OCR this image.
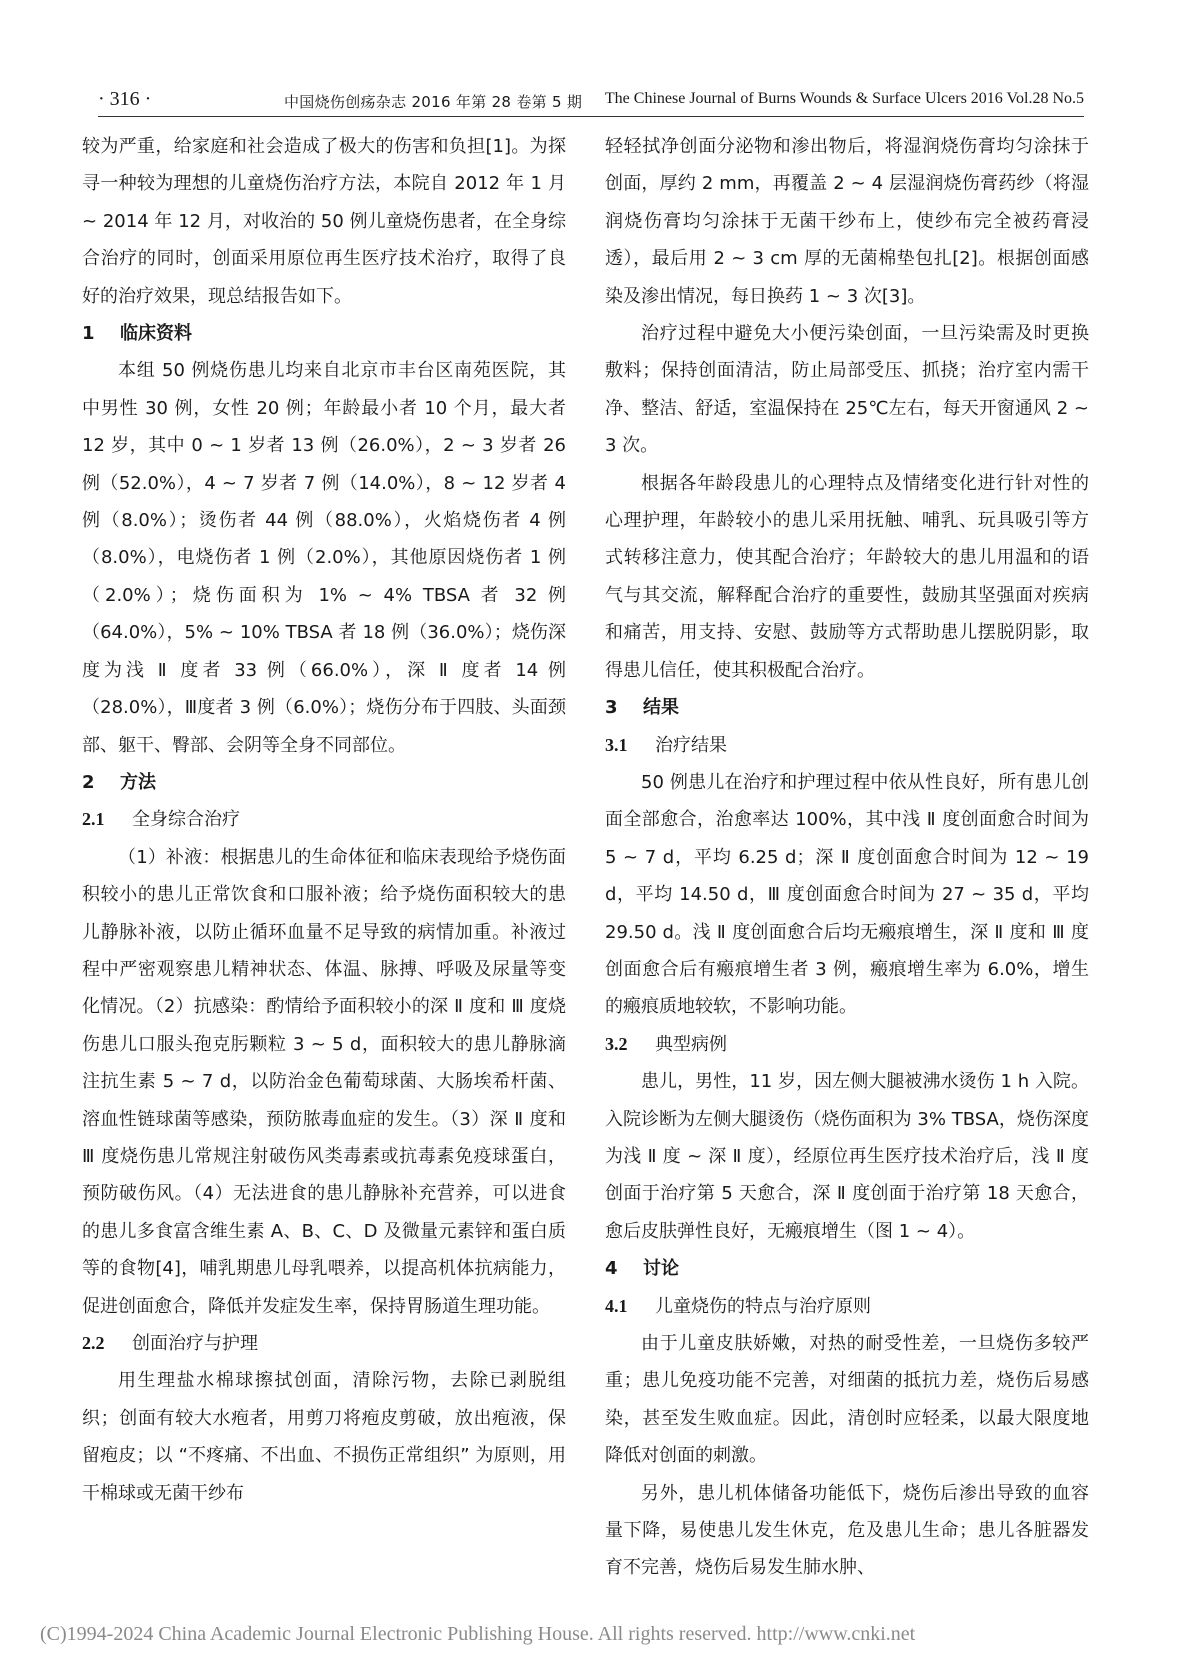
· 316 ·	中国烧伤创疡杂志 2016 年第 28 卷第 5 期 The Chinese Journal of Burns Wounds & Surface Ulcers 2016 Vol.28 No.5

较为严重，给家庭和社会造成了极大的伤害和负担[1]。为探寻一种较为理想的儿童烧伤治疗方法，本院自 2012 年 1 月 ~ 2014 年 12 月，对收治的 50 例儿童烧伤患者，在全身综合治疗的同时，创面采用原位再生医疗技术治疗，取得了良好的治疗效果，现总结报告如下。

1 临床资料

本组 50 例烧伤患儿均来自北京市丰台区南苑医院，其中男性 30 例，女性 20 例；年龄最小者 10 个月，最大者 12 岁，其中 0 ~ 1 岁者 13 例（26.0%），2 ~ 3 岁者 26 例（52.0%），4 ~ 7 岁者 7 例（14.0%），8 ~ 12 岁者 4 例（8.0%）；烫伤者 44 例（88.0%），火焰烧伤者 4 例（8.0%），电烧伤者 1 例（2.0%），其他原因烧伤者 1 例（2.0%）；烧伤面积为 1% ~ 4% TBSA 者 32 例（64.0%），5% ~ 10% TBSA 者 18 例（36.0%）；烧伤深度为浅 Ⅱ 度者 33 例（66.0%），深 Ⅱ 度者 14 例（28.0%），Ⅲ度者 3 例（6.0%）；烧伤分布于四肢、头面颈部、躯干、臀部、会阴等全身不同部位。

2 方法
2.1 全身综合治疗

（1）补液：根据患儿的生命体征和临床表现给予烧伤面积较小的患儿正常饮食和口服补液；给予烧伤面积较大的患儿静脉补液，以防止循环血量不足导致的病情加重。补液过程中严密观察患儿精神状态、体温、脉搏、呼吸及尿量等变化情况。（2）抗感染：酌情给予面积较小的深 Ⅱ 度和 Ⅲ 度烧伤患儿口服头孢克肟颗粒 3 ~ 5 d，面积较大的患儿静脉滴注抗生素 5 ~ 7 d，以防治金色葡萄球菌、大肠埃希杆菌、溶血性链球菌等感染，预防脓毒血症的发生。（3）深 Ⅱ 度和 Ⅲ 度烧伤患儿常规注射破伤风类毒素或抗毒素免疫球蛋白，预防破伤风。（4）无法进食的患儿静脉补充营养，可以进食的患儿多食富含维生素 A、B、C、D 及微量元素锌和蛋白质等的食物[4]，哺乳期患儿母乳喂养，以提高机体抗病能力，促进创面愈合，降低并发症发生率，保持胃肠道生理功能。

2.2 创面治疗与护理

用生理盐水棉球擦拭创面，清除污物，去除已剥脱组织；创面有较大水疱者，用剪刀将疱皮剪破，放出疱液，保留疱皮；以 “不疼痛、不出血、不损伤正常组织” 为原则，用干棉球或无菌干纱布

轻轻拭净创面分泌物和渗出物后，将湿润烧伤膏均匀涂抹于创面，厚约 2 mm，再覆盖 2 ~ 4 层湿润烧伤膏药纱（将湿润烧伤膏均匀涂抹于无菌干纱布上，使纱布完全被药膏浸透），最后用 2 ~ 3 cm 厚的无菌棉垫包扎[2]。根据创面感染及渗出情况，每日换药 1 ~ 3 次[3]。

治疗过程中避免大小便污染创面，一旦污染需及时更换敷料；保持创面清洁，防止局部受压、抓挠；治疗室内需干净、整洁、舒适，室温保持在 25℃左右，每天开窗通风 2 ~ 3 次。

根据各年龄段患儿的心理特点及情绪变化进行针对性的心理护理，年龄较小的患儿采用抚触、哺乳、玩具吸引等方式转移注意力，使其配合治疗；年龄较大的患儿用温和的语气与其交流，解释配合治疗的重要性，鼓励其坚强面对疾病和痛苦，用支持、安慰、鼓励等方式帮助患儿摆脱阴影，取得患儿信任，使其积极配合治疗。

3 结果
3.1 治疗结果

50 例患儿在治疗和护理过程中依从性良好，所有患儿创面全部愈合，治愈率达 100%，其中浅 Ⅱ 度创面愈合时间为 5 ~ 7 d，平均 6.25 d；深 Ⅱ 度创面愈合时间为 12 ~ 19 d，平均 14.50 d，Ⅲ 度创面愈合时间为 27 ~ 35 d，平均 29.50 d。浅 Ⅱ 度创面愈合后均无瘢痕增生，深 Ⅱ 度和 Ⅲ 度创面愈合后有瘢痕增生者 3 例，瘢痕增生率为 6.0%，增生的瘢痕质地较软，不影响功能。

3.2 典型病例

患儿，男性，11 岁，因左侧大腿被沸水烫伤 1 h 入院。入院诊断为左侧大腿烫伤（烧伤面积为 3% TBSA，烧伤深度为浅 Ⅱ 度 ~ 深 Ⅱ 度），经原位再生医疗技术治疗后，浅 Ⅱ 度创面于治疗第 5 天愈合，深 Ⅱ 度创面于治疗第 18 天愈合，愈后皮肤弹性良好，无瘢痕增生（图 1 ~ 4）。

4 讨论
4.1 儿童烧伤的特点与治疗原则

由于儿童皮肤娇嫩，对热的耐受性差，一旦烧伤多较严重；患儿免疫功能不完善，对细菌的抵抗力差，烧伤后易感染，甚至发生败血症。因此，清创时应轻柔，以最大限度地降低对创面的刺激。

另外，患儿机体储备功能低下，烧伤后渗出导致的血容量下降，易使患儿发生休克，危及患儿生命；患儿各脏器发育不完善，烧伤后易发生肺水肿、

(C)1994-2024 China Academic Journal Electronic Publishing House. All rights reserved. http://www.cnki.net
